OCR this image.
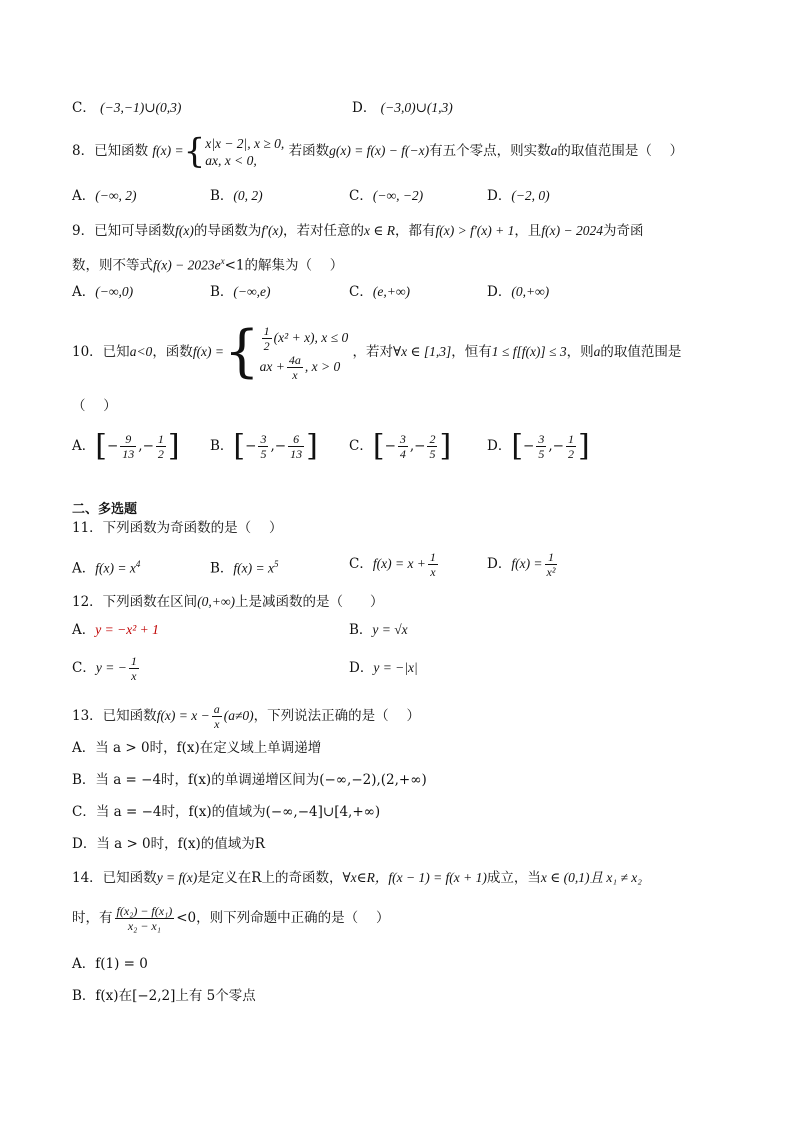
C． (−3,−1)∪(0,3)	D． (−3,0)∪(1,3)
8．已知函数 f(x) ={ x|x − 2|, x ≥ 0,
ax, x < 0,
若函数g(x) = f(x) − f(−x)有五个零点，则实数a的取值范围是（　 ）
A．(−∞, 2)	B．(0, 2)	C．(−∞, −2)	D．(−2, 0)
9．已知可导函数f(x)的导函数为f′(x)，若对任意的x ∈ R，都有f(x) > f′(x) + 1，且f(x) − 2024为奇函
数，则不等式$f(x) - 2023e^x<1$的解集为（　 ）
A．(−∞,0)	B．(−∞,e)	C．(e,+∞)	D．(0,+∞)
10．已知a<0，函数f(x) ={ $\frac{1}{2} (x^2 + x)$, x ≤ 0
ax + $\frac{4a}{x}$ , x > 0
，若对∀x ∈ [1,3]，恒有1 ≤ f[f(x)] ≤ 3，则a的取值范围是
（　 ）
A．[− $\frac{9}{13}$ ,− $\frac{1}{2}$ ] B．[− $\frac{3}{5}$ ,− $\frac{6}{13}$ ] C．[− $\frac{3}{4}$ ,− $\frac{2}{5}$ ]	D．[− $\frac{3}{5}$ ,− $\frac{1}{2}$ ]
二、多选题
11．下列函数为奇函数的是（　 ）
A．$f(x) = x^4$	B．$f(x) = x^5$	C．$f(x) = x + \frac{1}{x}$	D．$f(x) = \frac{1}{\text{x²}}$
12．下列函数在区间(0,+∞)上是减函数的是（　　）
A．y = −x² + 1	B．y = √x
C．y = − $\frac{1}{x}$	D．y = −|x|
13．已知函数$f(x) = x - \frac{a}{x} (a\ne 0)$，下列说法正确的是（　 ）
A．当 a > 0时，f(x)在定义域上单调递增
B．当 a = −4时，f(x)的单调递增区间为(−∞,−2),(2,+∞)
C．当 a = −4时，f(x)的值域为(−∞,−4]∪[4,+∞)
D．当 a > 0时，f(x)的值域为R
14．已知函数y = f(x)是定义在R上的奇函数，∀x∈R，f(x − 1) = f(x + 1)成立，当x ∈ (0,1)且 x₁ ≠ x₂
时，有 $\frac{\text{f(x₂) − f(x₁)}}{\text{x₂ − x₁}} <0$，则下列命题中正确的是（　 ）
A．f(1) = 0
B．f(x)在[−2,2]上有 5个零点
